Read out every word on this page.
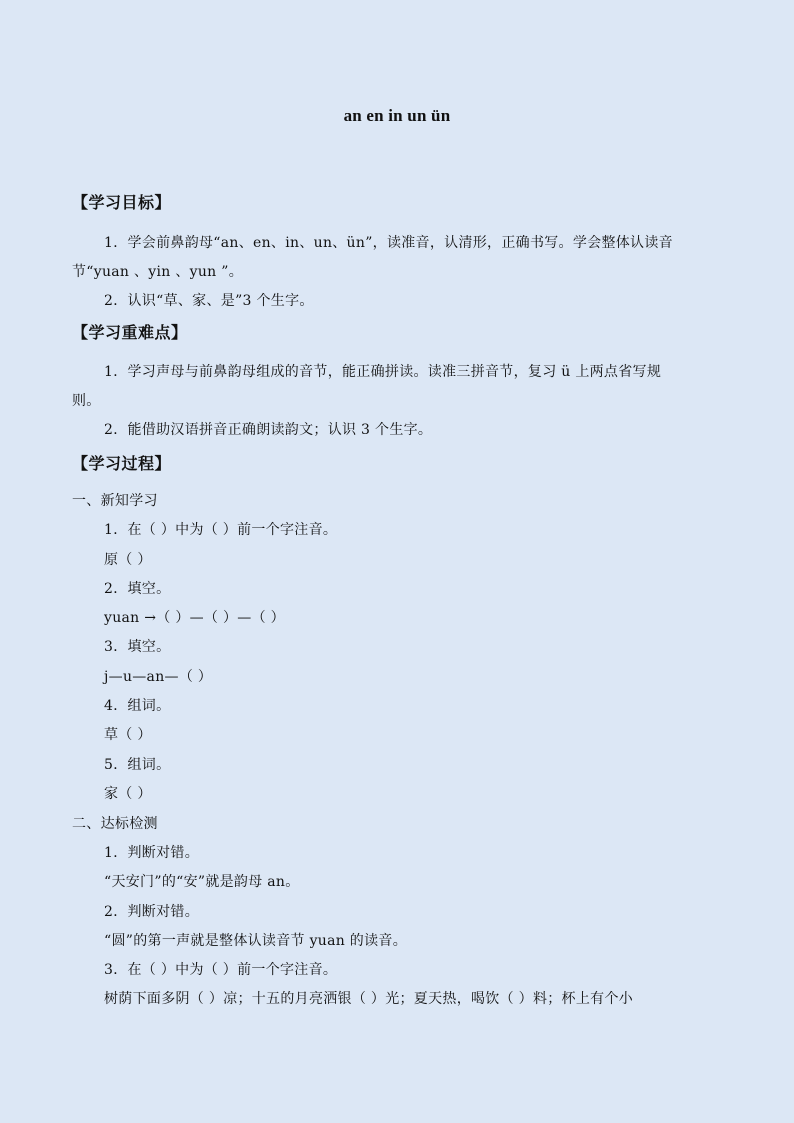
an en in un ün
【学习目标】
1．学会前鼻韵母“an、en、in、un、ün”，读准音，认清形，正确书写。学会整体认读音
节“yuan 、yin 、yun ”。
2．认识“草、家、是”3 个生字。
【学习重难点】
1．学习声母与前鼻韵母组成的音节，能正确拼读。读准三拼音节，复习 ü 上两点省写规
则。
2．能借助汉语拼音正确朗读韵文；认识 3 个生字。
【学习过程】
一、新知学习
1．在（ ）中为（ ）前一个字注音。
原（ ）
2．填空。
yuan →（ ）—（ ）—（ ）
3．填空。
j—u—an—（ ）
4．组词。
草（ ）
5．组词。
家（ ）
二、达标检测
1．判断对错。
“天安门”的“安”就是韵母 an。
2．判断对错。
“圆”的第一声就是整体认读音节 yuan 的读音。
3．在（ ）中为（ ）前一个字注音。
树荫下面多阴（ ）凉；十五的月亮洒银（ ）光；夏天热，喝饮（ ）料；杯上有个小
